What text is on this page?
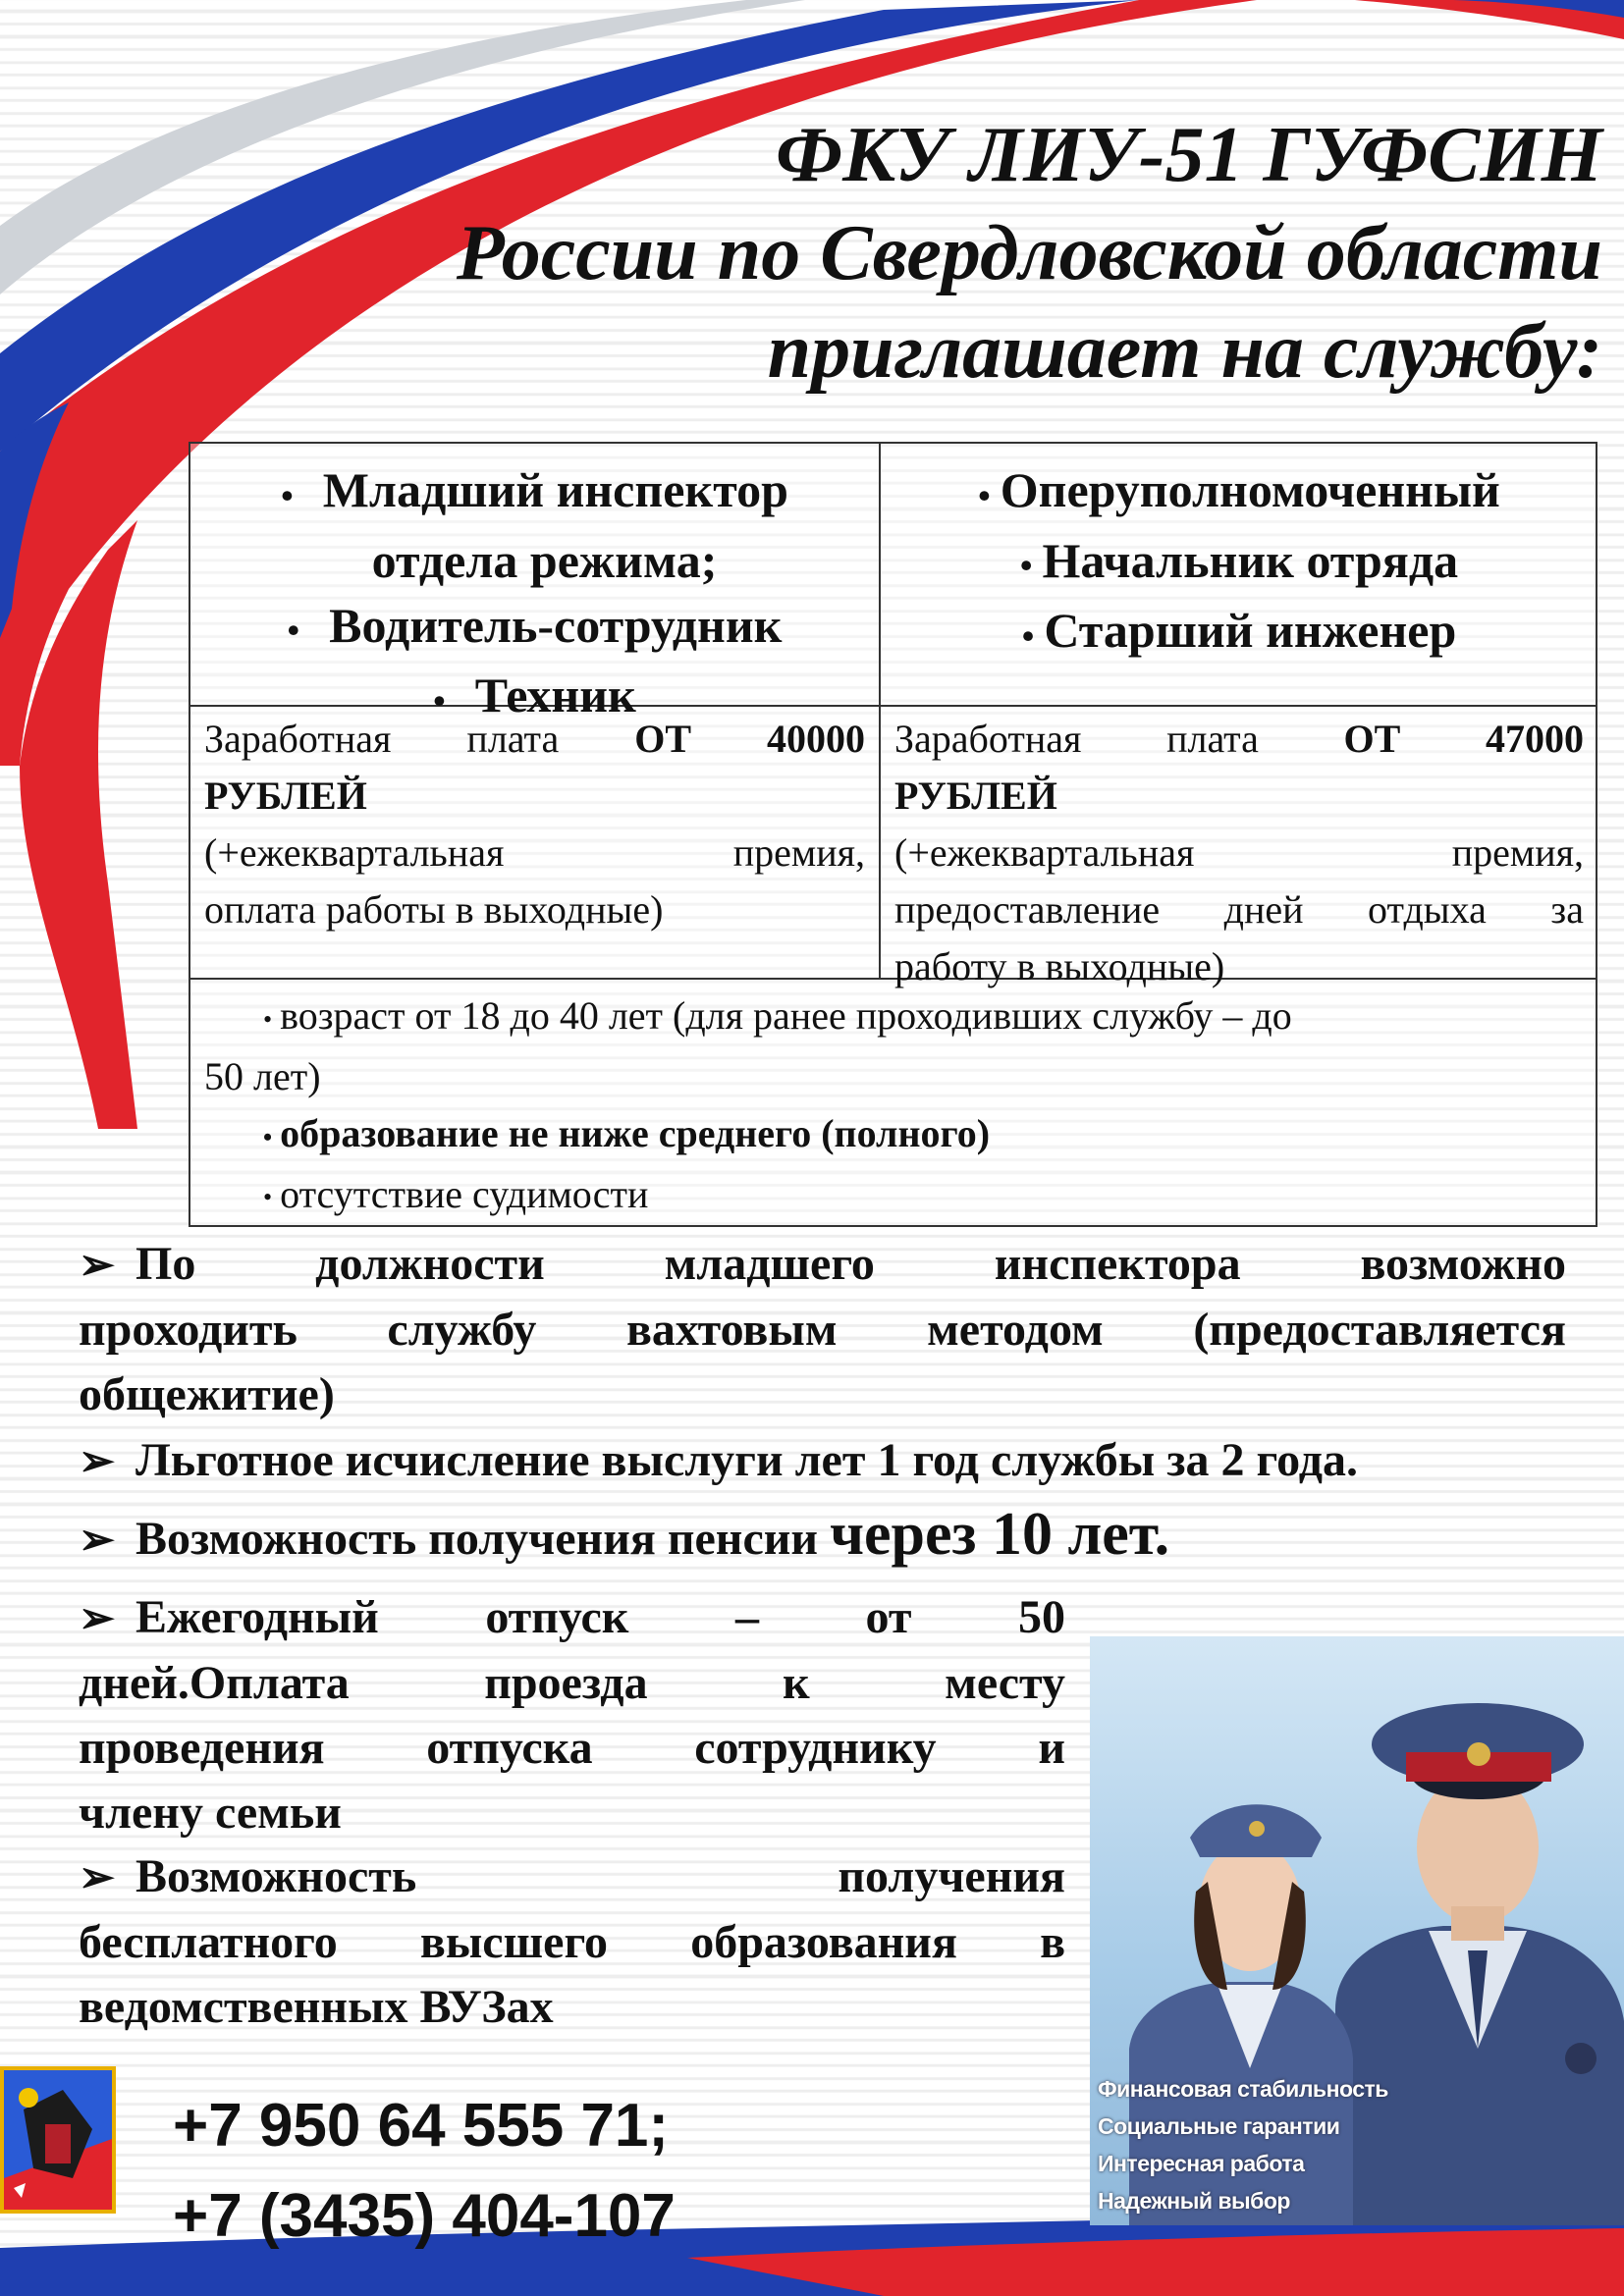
ФКУ ЛИУ-51 ГУФСИН
России по Свердловской области
приглашает на службу:
• Младший инспектор
отдела режима;
• Водитель-сотрудник
• Техник
• Оперуполномоченный
• Начальник отряда
• Старший инженер
Заработная плата ОТ 40000
РУБЛЕЙ
(+ежеквартальная	премия,
оплата работы в выходные)
Заработная плата ОТ 47000
РУБЛЕЙ
(+ежеквартальная	премия,
предоставление дней отдыха за
работу в выходные)
• возраст от 18 до 40 лет (для ранее проходивших службу – до
50 лет)
• образование не ниже среднего (полного)
• отсутствие судимости
➢ По	должности	младшего	инспектора	возможно
проходить службу вахтовым методом (предоставляется
общежитие)
➢ Льготное исчисление выслуги лет 1 год службы за 2 года.
➢ Возможность получения пенсии через 10 лет.
➢ Ежегодный отпуск – от 50
дней.Оплата	проезда	к	месту
проведения отпуска сотруднику и
члену семьи
➢ Возможность	получения
бесплатного высшего образования в
ведомственных ВУЗах
Финансовая стабильность
Социальные гарантии
Интересная работа
Надежный выбор
+7 950 64 555 71;
+7 (3435) 404-107
